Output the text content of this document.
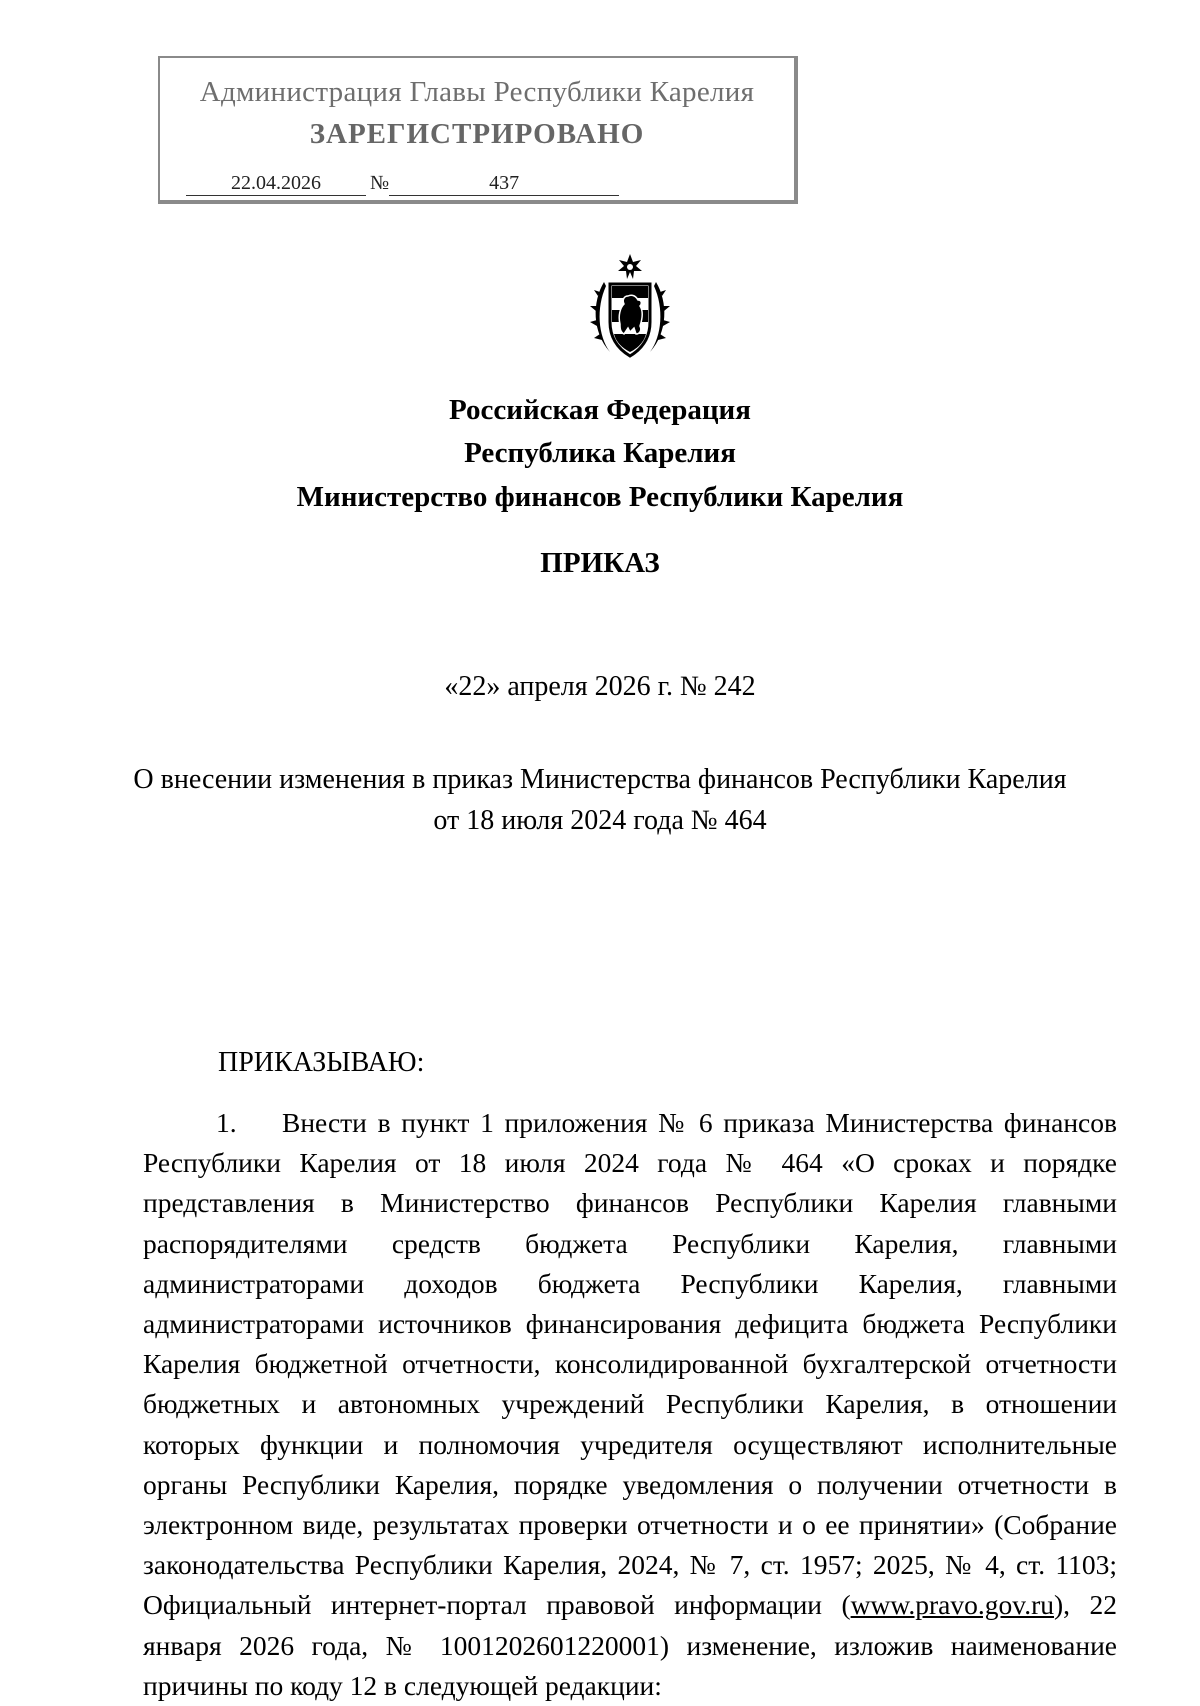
Администрация Главы Республики Карелия
ЗАРЕГИСТРИРОВАНО
22.04.2026 №	437
Российская Федерация
Республика Карелия
Министерство финансов Республики Карелия
ПРИКАЗ
«22» апреля 2026 г. № 242
О внесении изменения в приказ Министерства финансов Республики Карелия
от 18 июля 2024 года № 464
ПРИКАЗЫВАЮ:
1. Внести в пункт 1 приложения № 6 приказа Министерства финансов Республики Карелия от 18 июля 2024 года № 464 «О сроках и порядке представления в Министерство финансов Республики Карелия главными распорядителями средств бюджета Республики Карелия, главными администраторами доходов бюджета Республики Карелия, главными администраторами источников финансирования дефицита бюджета Республики Карелия бюджетной отчетности, консолидированной бухгалтерской отчетности бюджетных и автономных учреждений Республики Карелия, в отношении которых функции и полномочия учредителя осуществляют исполнительные органы Республики Карелия, порядке уведомления о получении отчетности в электронном виде, результатах проверки отчетности и о ее принятии» (Собрание законодательства Республики Карелия, 2024, № 7, ст. 1957; 2025, № 4, ст. 1103; Официальный интернет-портал правовой информации (www.pravo.gov.ru), 22 января 2026 года, № 1001202601220001) изменение, изложив наименование причины по коду 12 в следующей редакции:
